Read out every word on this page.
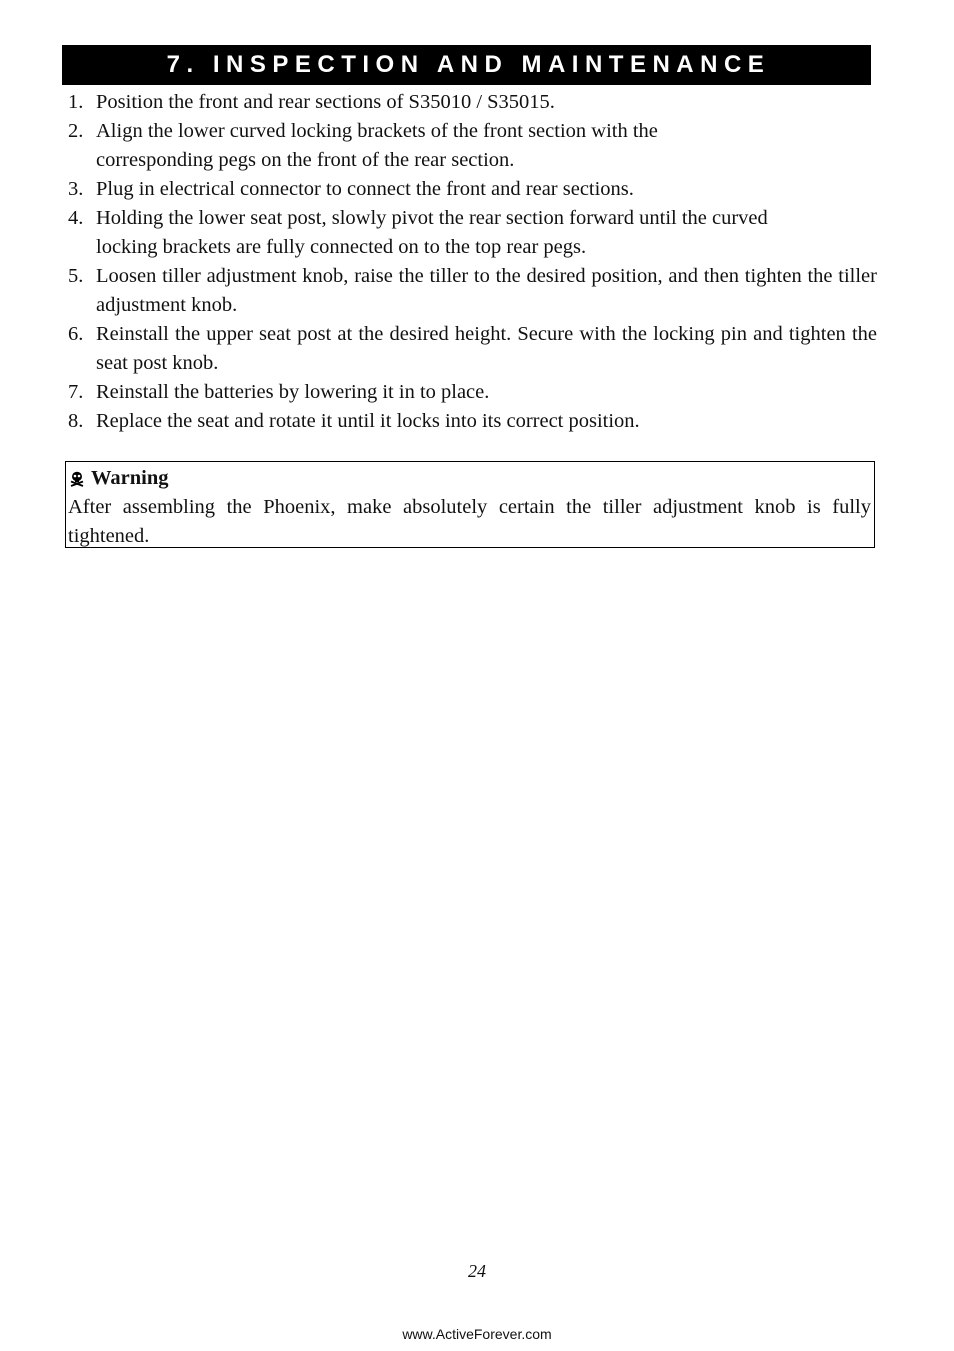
7. INSPECTION AND MAINTENANCE
1. Position the front and rear sections of S35010 / S35015.
2. Align the lower curved locking brackets of the front section with the corresponding pegs on the front of the rear section.
3. Plug in electrical connector to connect the front and rear sections.
4. Holding the lower seat post, slowly pivot the rear section forward until the curved locking brackets are fully connected on to the top rear pegs.
5. Loosen tiller adjustment knob, raise the tiller to the desired position, and then tighten the tiller adjustment knob.
6. Reinstall the upper seat post at the desired height. Secure with the locking pin and tighten the seat post knob.
7. Reinstall the batteries by lowering it in to place.
8. Replace the seat and rotate it until it locks into its correct position.
Warning
After assembling the Phoenix, make absolutely certain the tiller adjustment knob is fully tightened.
24
www.ActiveForever.com
